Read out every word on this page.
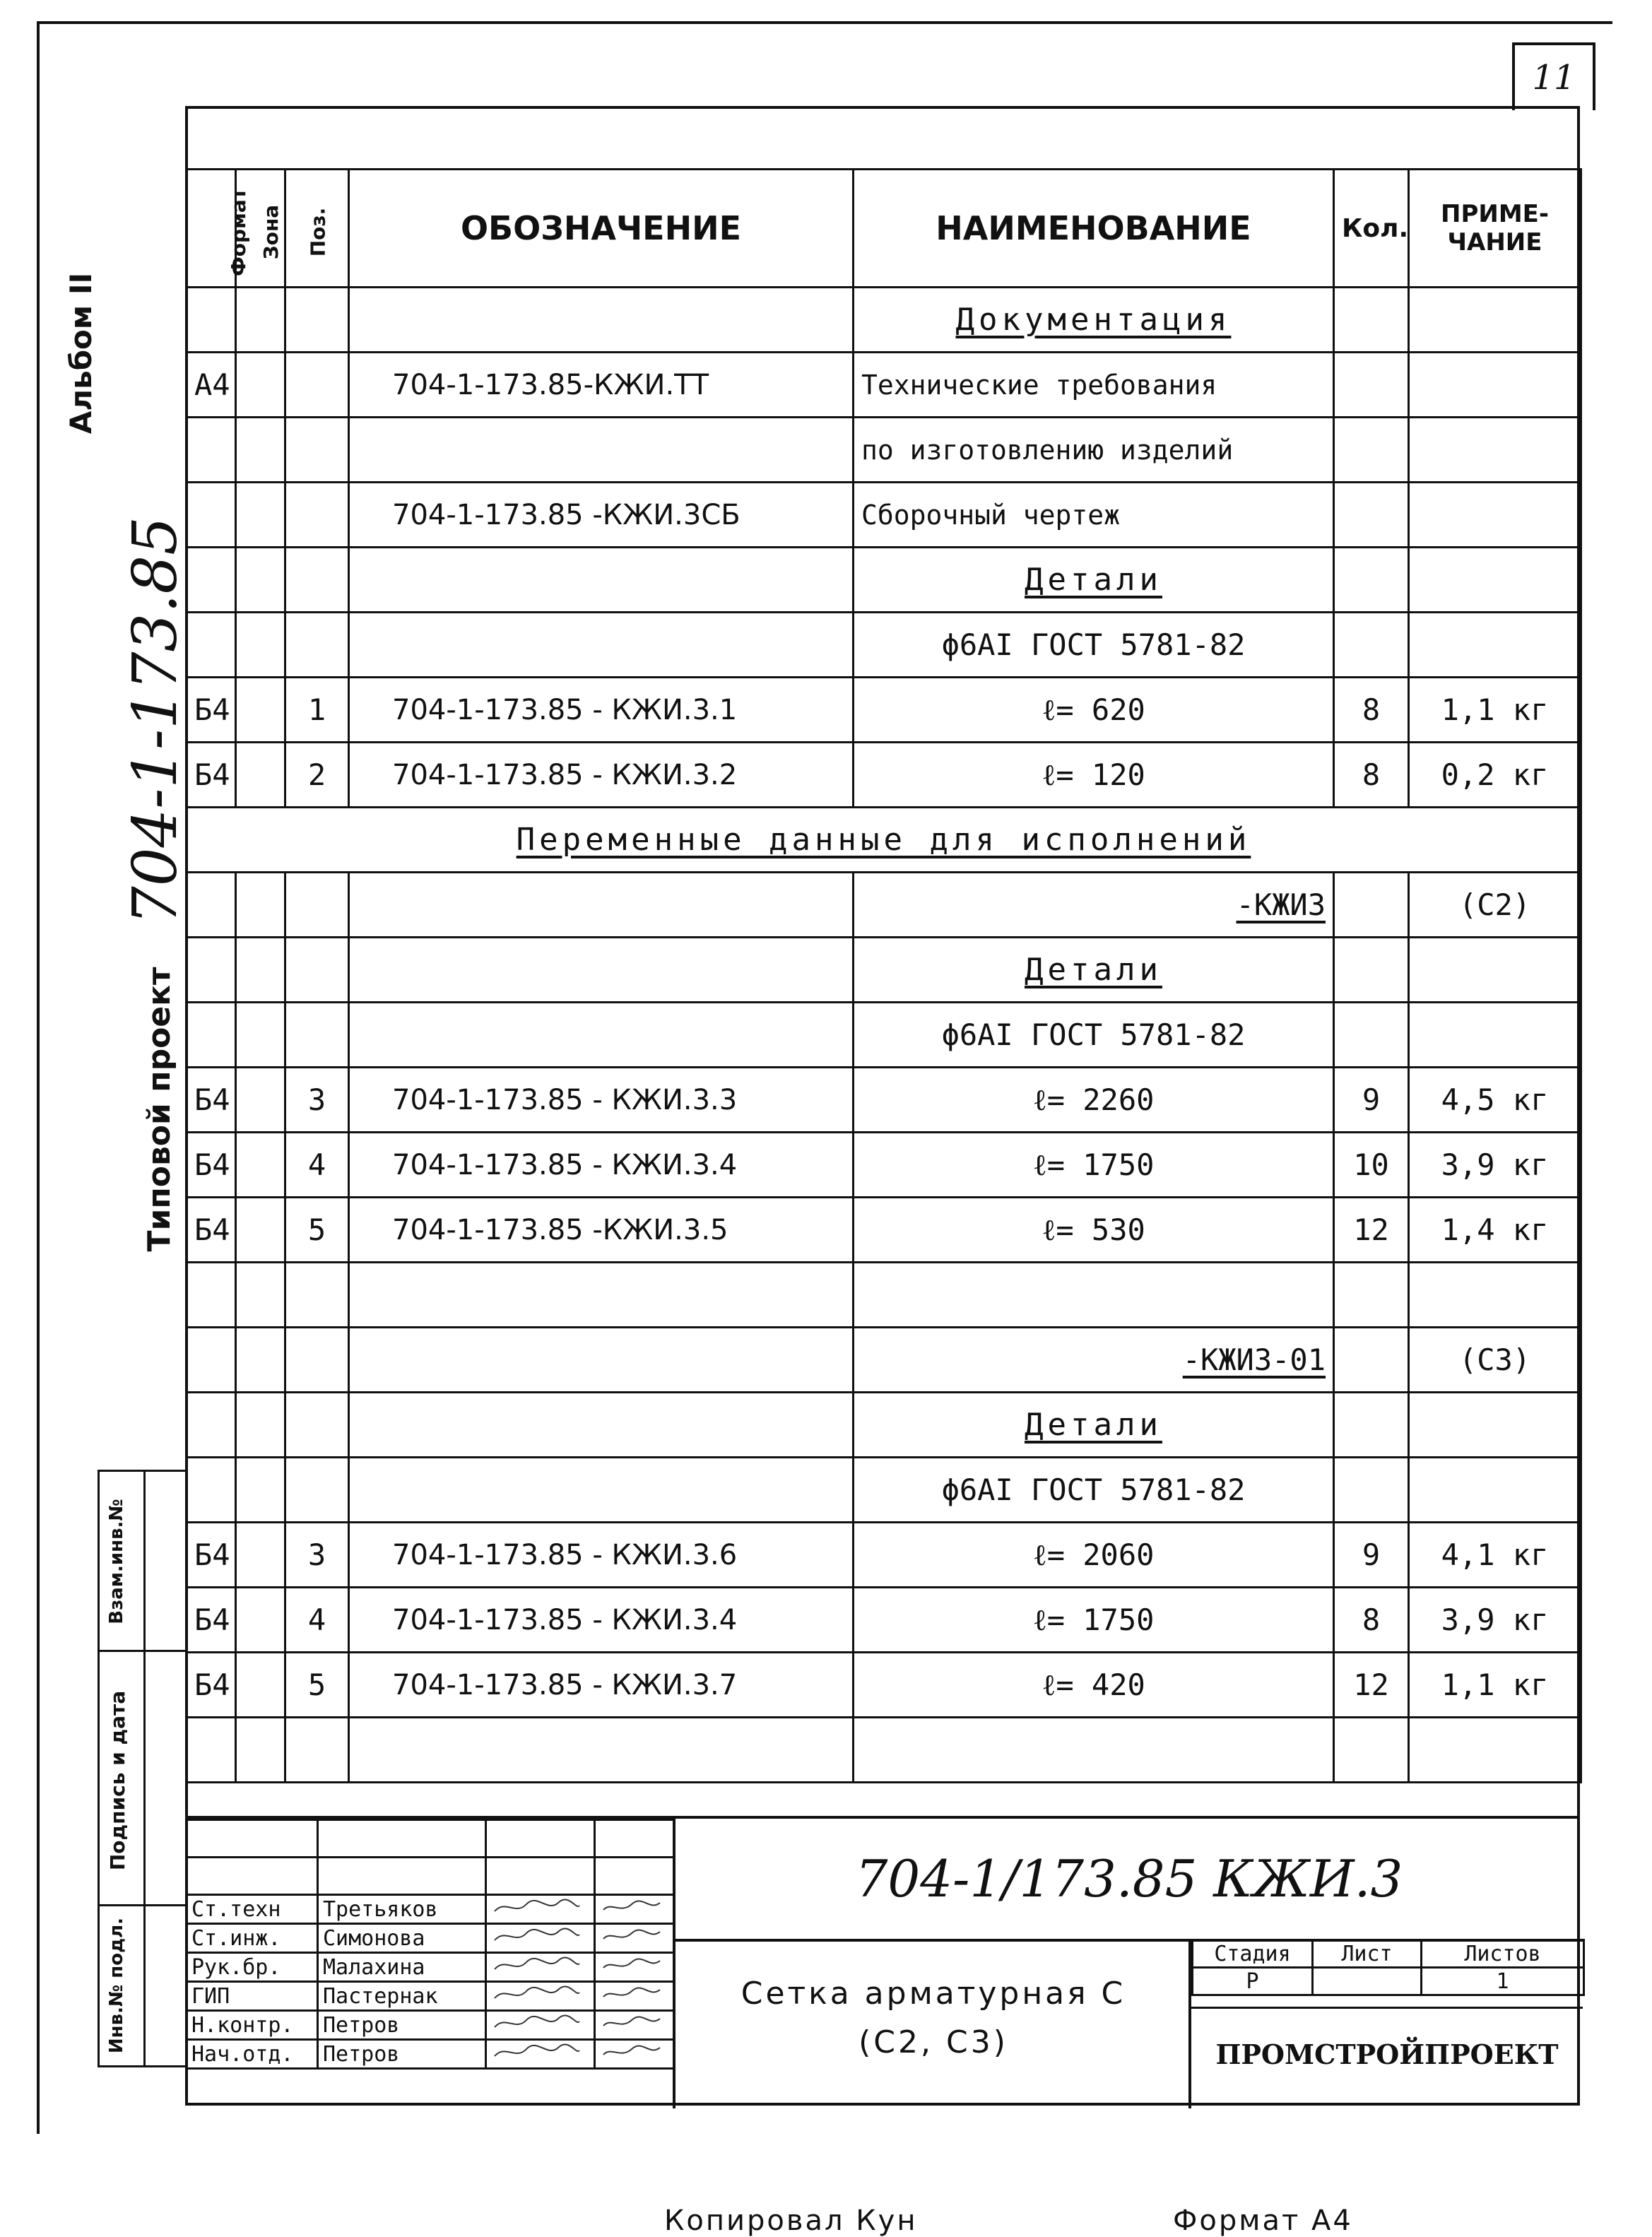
11
Альбом II
704-1-173.85
Типовой проект
Взам.инв.№
Подпись и дата
Инв.№ подл.
Формат	Зона	Поз.	ОБОЗНАЧЕНИЕ	НАИМЕНОВАНИЕ	Кол.	ПРИМЕ-ЧАНИЕ
				Документация		
А4			704-1-173.85-КЖИ.ТТ	Технические требования		
				по изготовлению изделий		
			704-1-173.85 -КЖИ.3СБ	Сборочный чертеж		
				Детали		
				ϕ6АI ГОСТ 5781-82		
Б4		1	704-1-173.85 - КЖИ.3.1	ℓ= 620	8	1,1 кг
Б4		2	704-1-173.85 - КЖИ.3.2	ℓ= 120	8	0,2 кг
Переменные данные для исполнений						
				-КЖИ3		(С2)
				Детали		
				ϕ6АI ГОСТ 5781-82		
Б4		3	704-1-173.85 - КЖИ.3.3	ℓ= 2260	9	4,5 кг
Б4		4	704-1-173.85 - КЖИ.3.4	ℓ= 1750	10	3,9 кг
Б4		5	704-1-173.85 -КЖИ.3.5	ℓ= 530	12	1,4 кг

				-КЖИ3-01		(С3)
				Детали		
				ϕ6АI ГОСТ 5781-82		
Б4		3	704-1-173.85 - КЖИ.3.6	ℓ= 2060	9	4,1 кг
Б4		4	704-1-173.85 - КЖИ.3.4	ℓ= 1750	8	3,9 кг
Б4		5	704-1-173.85 - КЖИ.3.7	ℓ= 420	12	1,1 кг

Ст.техн	Третьяков		
Ст.инж.	Симонова		
Рук.бр.	Малахина		
ГИП	Пастернак		
Н.контр.	Петров		
Нач.отд.	Петров		
704-1/173.85 КЖИ.3
Сетка арматурная С
(С2, С3)
Стадия	Лист	Листов
Р		1
ПРОМСТРОЙПРОЕКТ
Копировал Кун	Формат А4
